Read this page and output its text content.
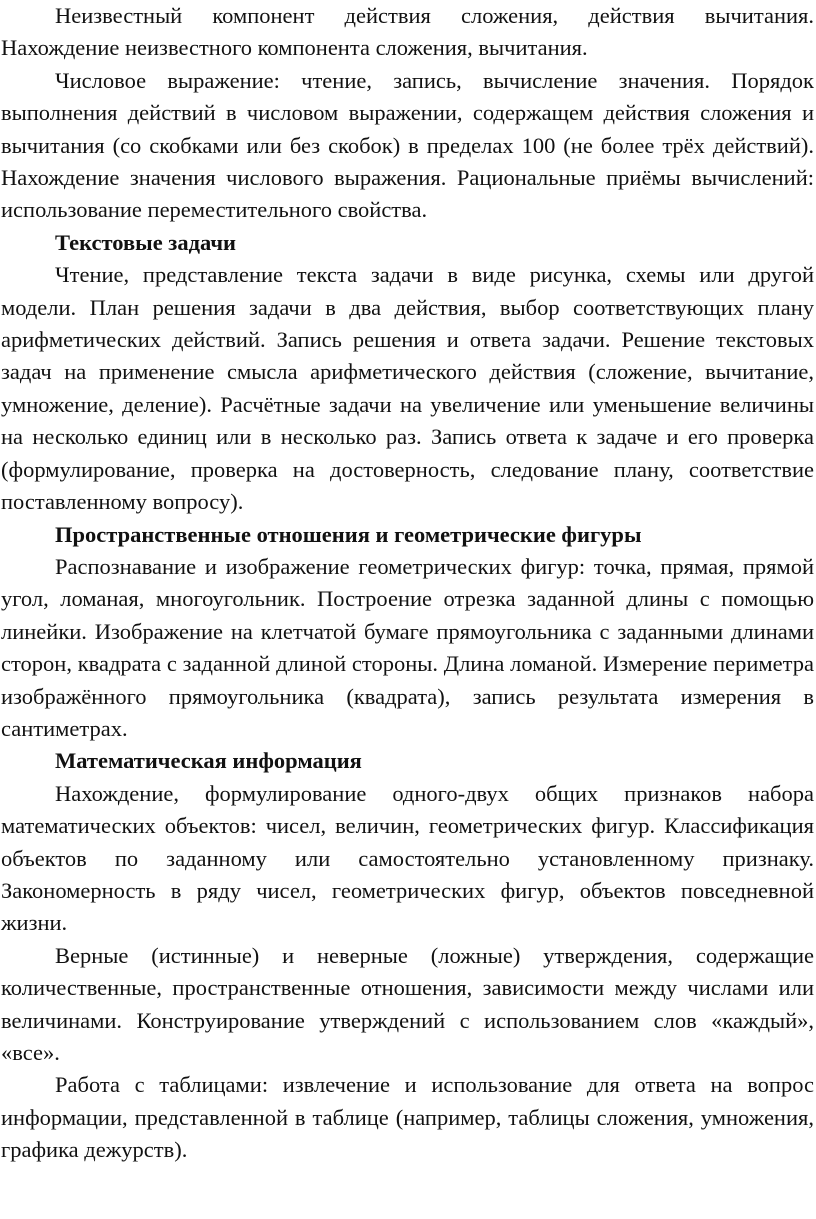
Неизвестный компонент действия сложения, действия вычитания. Нахождение неизвестного компонента сложения, вычитания.

Числовое выражение: чтение, запись, вычисление значения. Порядок выполнения действий в числовом выражении, содержащем действия сложения и вычитания (со скобками или без скобок) в пределах 100 (не более трёх действий). Нахождение значения числового выражения. Рациональные приёмы вычислений: использование переместительного свойства.

Текстовые задачи

Чтение, представление текста задачи в виде рисунка, схемы или другой модели. План решения задачи в два действия, выбор соответствующих плану арифметических действий. Запись решения и ответа задачи. Решение текстовых задач на применение смысла арифметического действия (сложение, вычитание, умножение, деление). Расчётные задачи на увеличение или уменьшение величины на несколько единиц или в несколько раз. Запись ответа к задаче и его проверка (формулирование, проверка на достоверность, следование плану, соответствие поставленному вопросу).

Пространственные отношения и геометрические фигуры

Распознавание и изображение геометрических фигур: точка, прямая, прямой угол, ломаная, многоугольник. Построение отрезка заданной длины с помощью линейки. Изображение на клетчатой бумаге прямоугольника с заданными длинами сторон, квадрата с заданной длиной стороны. Длина ломаной. Измерение периметра изображённого прямоугольника (квадрата), запись результата измерения в сантиметрах.

Математическая информация

Нахождение, формулирование одного-двух общих признаков набора математических объектов: чисел, величин, геометрических фигур. Классификация объектов по заданному или самостоятельно установленному признаку. Закономерность в ряду чисел, геометрических фигур, объектов повседневной жизни.

Верные (истинные) и неверные (ложные) утверждения, содержащие количественные, пространственные отношения, зависимости между числами или величинами. Конструирование утверждений с использованием слов «каждый», «все».

Работа с таблицами: извлечение и использование для ответа на вопрос информации, представленной в таблице (например, таблицы сложения, умножения, графика дежурств).
